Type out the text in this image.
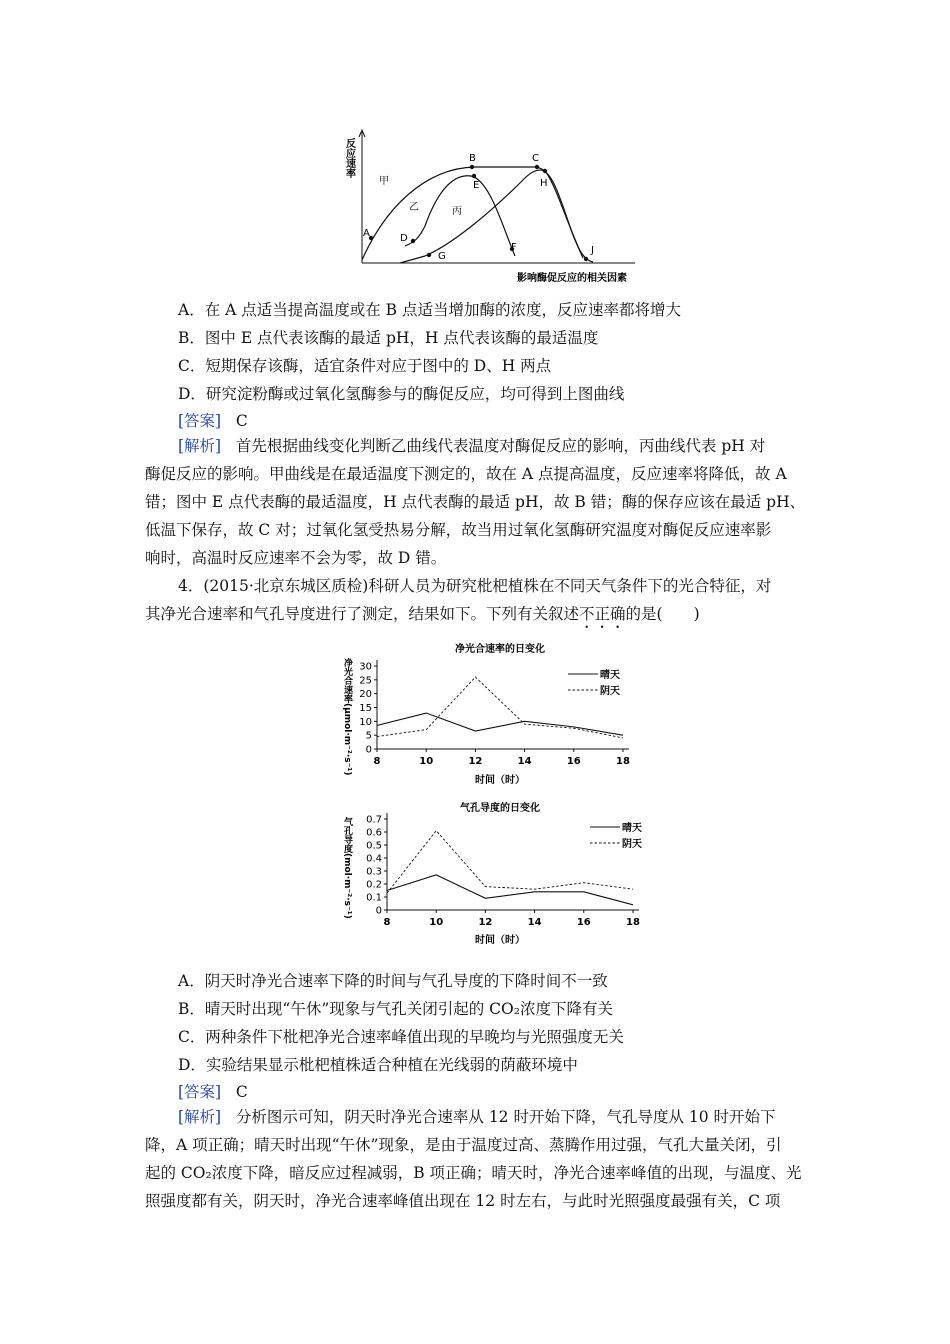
反应速率
A
B	C
D
E
F
G
H
J
甲
乙	丙
影响酶促反应的相关因素
A．在 A 点适当提高温度或在 B 点适当增加酶的浓度，反应速率都将增大
B．图中 E 点代表该酶的最适 pH，H 点代表该酶的最适温度
C．短期保存该酶，适宜条件对应于图中的 D、H 两点
D．研究淀粉酶或过氧化氢酶参与的酶促反应，均可得到上图曲线
[答案] C
[解析] 首先根据曲线变化判断乙曲线代表温度对酶促反应的影响，丙曲线代表 pH 对
酶促反应的影响。甲曲线是在最适温度下测定的，故在 A 点提高温度，反应速率将降低，故 A
错；图中 E 点代表酶的最适温度，H 点代表酶的最适 pH，故 B 错；酶的保存应该在最适 pH、
低温下保存，故 C 对；过氧化氢受热易分解，故当用过氧化氢酶研究温度对酶促反应速率影
响时，高温时反应速率不会为零，故 D 错。
4．(2015·北京东城区质检)科研人员为研究枇杷植株在不同天气条件下的光合特征，对
其净光合速率和气孔导度进行了测定，结果如下。下列有关叙述不正确的是(　　)
净光合速率的日变化
净光合速率(μmol·m⁻²·s⁻¹) 0
5
10
15
20
25
30
8	10	12	14	16	18
晴天
阴天
时间（时）
气孔导度的日变化
气孔导度(mol·m⁻²·s⁻¹) 0
0.1
0.2
0.3
0.4
0.5
0.6
0.7
8	10	12	14	16	18
晴天
阴天
时间（时）
A．阴天时净光合速率下降的时间与气孔导度的下降时间不一致
B．晴天时出现“午休”现象与气孔关闭引起的 CO₂浓度下降有关
C．两种条件下枇杷净光合速率峰值出现的早晚均与光照强度无关
D．实验结果显示枇杷植株适合种植在光线弱的荫蔽环境中
[答案] C
[解析] 分析图示可知，阴天时净光合速率从 12 时开始下降，气孔导度从 10 时开始下
降，A 项正确；晴天时出现“午休”现象，是由于温度过高、蒸腾作用过强，气孔大量关闭，引
起的 CO₂浓度下降，暗反应过程减弱，B 项正确；晴天时，净光合速率峰值的出现，与温度、光
照强度都有关，阴天时，净光合速率峰值出现在 12 时左右，与此时光照强度最强有关，C 项
